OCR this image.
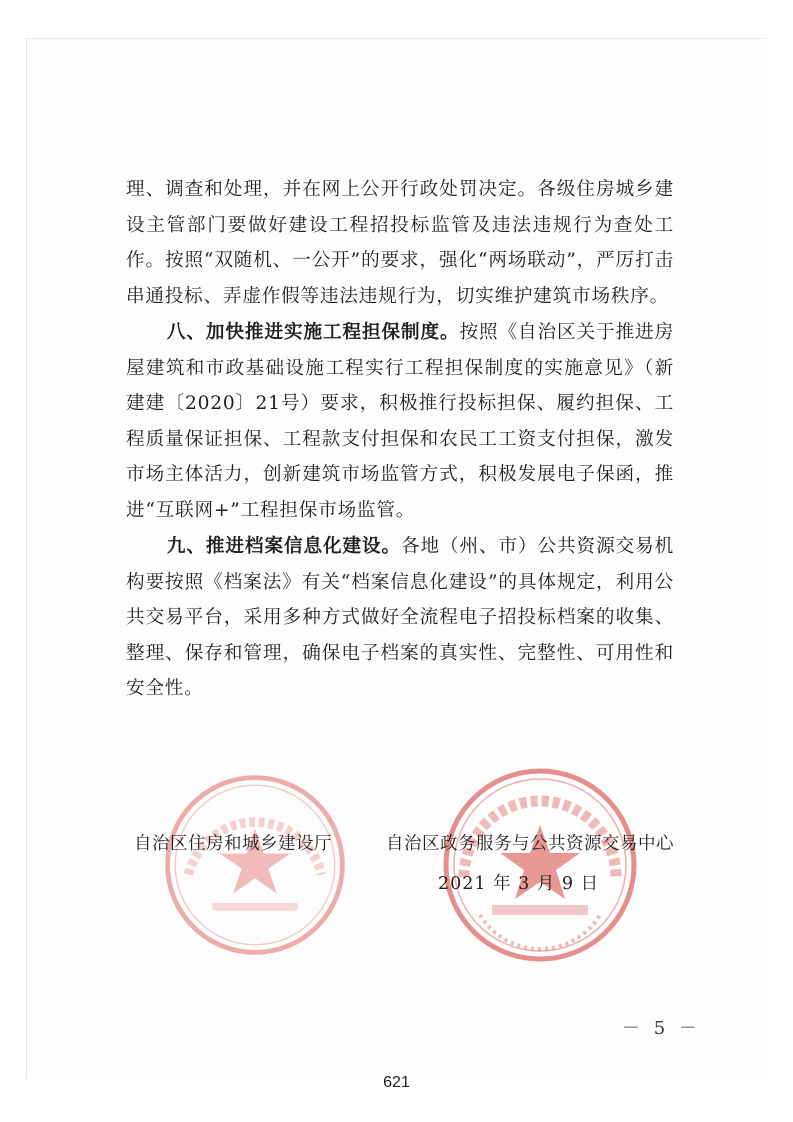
理、调查和处理，并在网上公开行政处罚决定。各级住房城乡建设主管部门要做好建设工程招投标监管及违法违规行为查处工作。按照“双随机、一公开”的要求，强化“两场联动”，严厉打击串通投标、弄虚作假等违法违规行为，切实维护建筑市场秩序。

八、加快推进实施工程担保制度。按照《自治区关于推进房屋建筑和市政基础设施工程实行工程担保制度的实施意见》（新建建〔2020〕21号）要求，积极推行投标担保、履约担保、工程质量保证担保、工程款支付担保和农民工工资支付担保，激发市场主体活力，创新建筑市场监管方式，积极发展电子保函，推进“互联网+”工程担保市场监管。

九、推进档案信息化建设。各地（州、市）公共资源交易机构要按照《档案法》有关“档案信息化建设”的具体规定，利用公共交易平台，采用多种方式做好全流程电子招投标档案的收集、整理、保存和管理，确保电子档案的真实性、完整性、可用性和安全性。

自治区住房和城乡建设厅	自治区政务服务与公共资源交易中心
2021 年 3 月 9 日
－ 5 －
621
